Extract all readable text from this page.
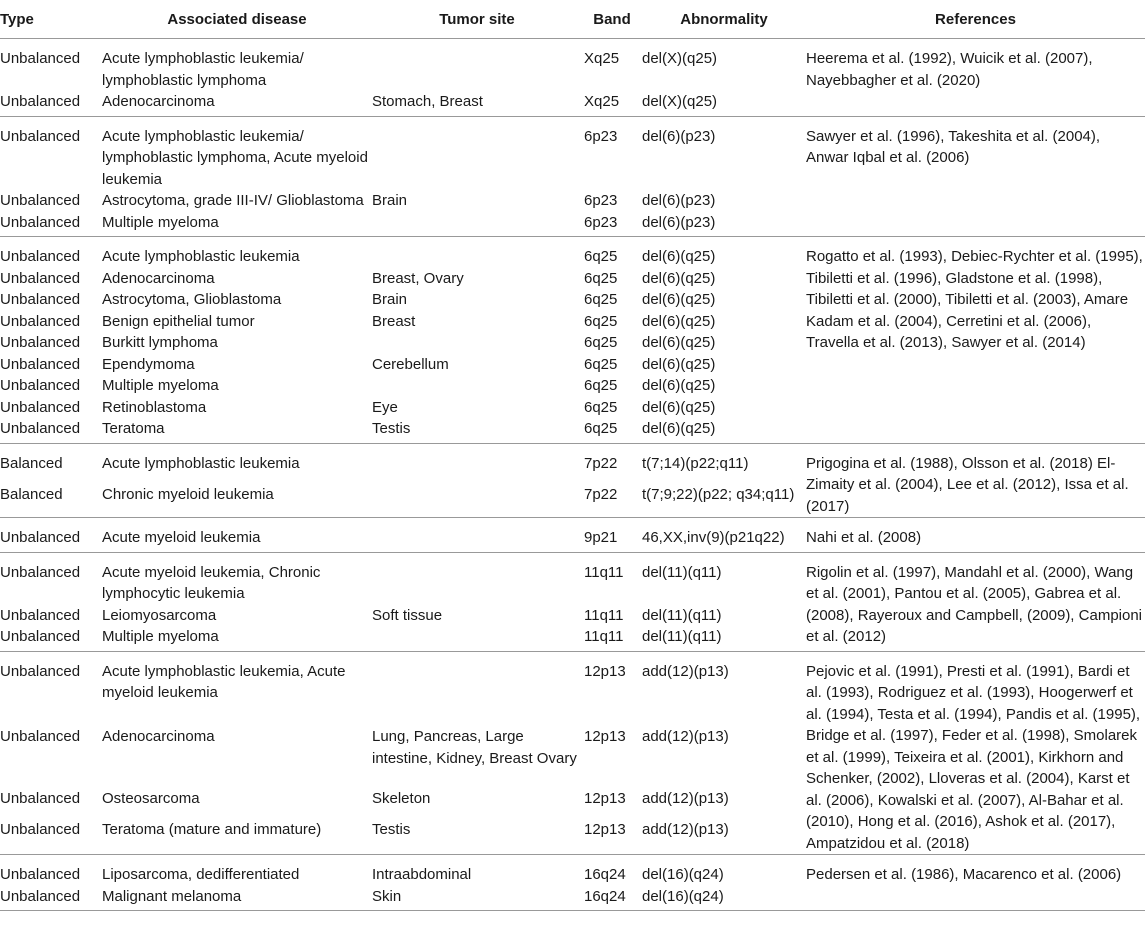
Type	Associated disease	Tumor site	Band	Abnormality	References
Unbalanced	Acute lymphoblastic leukemia/ lymphoblastic lymphoma		Xq25	del(X)(q25)	Heerema et al. (1992), Wuicik et al. (2007), Nayebbagher et al. (2020)
Unbalanced	Adenocarcinoma	Stomach, Breast	Xq25	del(X)(q25)	
Unbalanced	Acute lymphoblastic leukemia/ lymphoblastic lymphoma, Acute myeloid leukemia		6p23	del(6)(p23)	Sawyer et al. (1996), Takeshita et al. (2004), Anwar Iqbal et al. (2006)
Unbalanced	Astrocytoma, grade III-IV/ Glioblastoma	Brain	6p23	del(6)(p23)	
Unbalanced	Multiple myeloma		6p23	del(6)(p23)	
Unbalanced	Acute lymphoblastic leukemia		6q25	del(6)(q25)	Rogatto et al. (1993), Debiec-Rychter et al. (1995), Tibiletti et al. (1996), Gladstone et al. (1998), Tibiletti et al. (2000), Tibiletti et al. (2003), Amare Kadam et al. (2004), Cerretini et al. (2006), Travella et al. (2013), Sawyer et al. (2014)
Unbalanced	Adenocarcinoma	Breast, Ovary	6q25	del(6)(q25)	
Unbalanced	Astrocytoma, Glioblastoma	Brain	6q25	del(6)(q25)	
Unbalanced	Benign epithelial tumor	Breast	6q25	del(6)(q25)	
Unbalanced	Burkitt lymphoma		6q25	del(6)(q25)	
Unbalanced	Ependymoma	Cerebellum	6q25	del(6)(q25)	
Unbalanced	Multiple myeloma		6q25	del(6)(q25)	
Unbalanced	Retinoblastoma	Eye	6q25	del(6)(q25)	
Unbalanced	Teratoma	Testis	6q25	del(6)(q25)	
Balanced	Acute lymphoblastic leukemia		7p22	t(7;14)(p22;q11)	Prigogina et al. (1988), Olsson et al. (2018) El-Zimaity et al. (2004), Lee et al. (2012), Issa et al. (2017)
Balanced	Chronic myeloid leukemia		7p22	t(7;9;22)(p22; q34;q11)	
Unbalanced	Acute myeloid leukemia		9p21	46,XX,inv(9)(p21q22)	Nahi et al. (2008)
Unbalanced	Acute myeloid leukemia, Chronic lymphocytic leukemia		11q11	del(11)(q11)	Rigolin et al. (1997), Mandahl et al. (2000), Wang et al. (2001), Pantou et al. (2005), Gabrea et al. (2008), Rayeroux and Campbell, (2009), Campioni et al. (2012)
Unbalanced	Leiomyosarcoma	Soft tissue	11q11	del(11)(q11)	
Unbalanced	Multiple myeloma		11q11	del(11)(q11)	
Unbalanced	Acute lymphoblastic leukemia, Acute myeloid leukemia		12p13	add(12)(p13)	Pejovic et al. (1991), Presti et al. (1991), Bardi et al. (1993), Rodriguez et al. (1993), Hoogerwerf et al. (1994), Testa et al. (1994), Pandis et al. (1995), Bridge et al. (1997), Feder et al. (1998), Smolarek et al. (1999), Teixeira et al. (2001), Kirkhorn and Schenker, (2002), Lloveras et al. (2004), Karst et al. (2006), Kowalski et al. (2007), Al-Bahar et al. (2010), Hong et al. (2016), Ashok et al. (2017), Ampatzidou et al. (2018)
Unbalanced	Adenocarcinoma	Lung, Pancreas, Large intestine, Kidney, Breast Ovary	12p13	add(12)(p13)	
Unbalanced	Osteosarcoma	Skeleton	12p13	add(12)(p13)	
Unbalanced	Teratoma (mature and immature)	Testis	12p13	add(12)(p13)	
Unbalanced	Liposarcoma, dedifferentiated	Intraabdominal	16q24	del(16)(q24)	Pedersen et al. (1986), Macarenco et al. (2006)
Unbalanced	Malignant melanoma	Skin	16q24	del(16)(q24)	
